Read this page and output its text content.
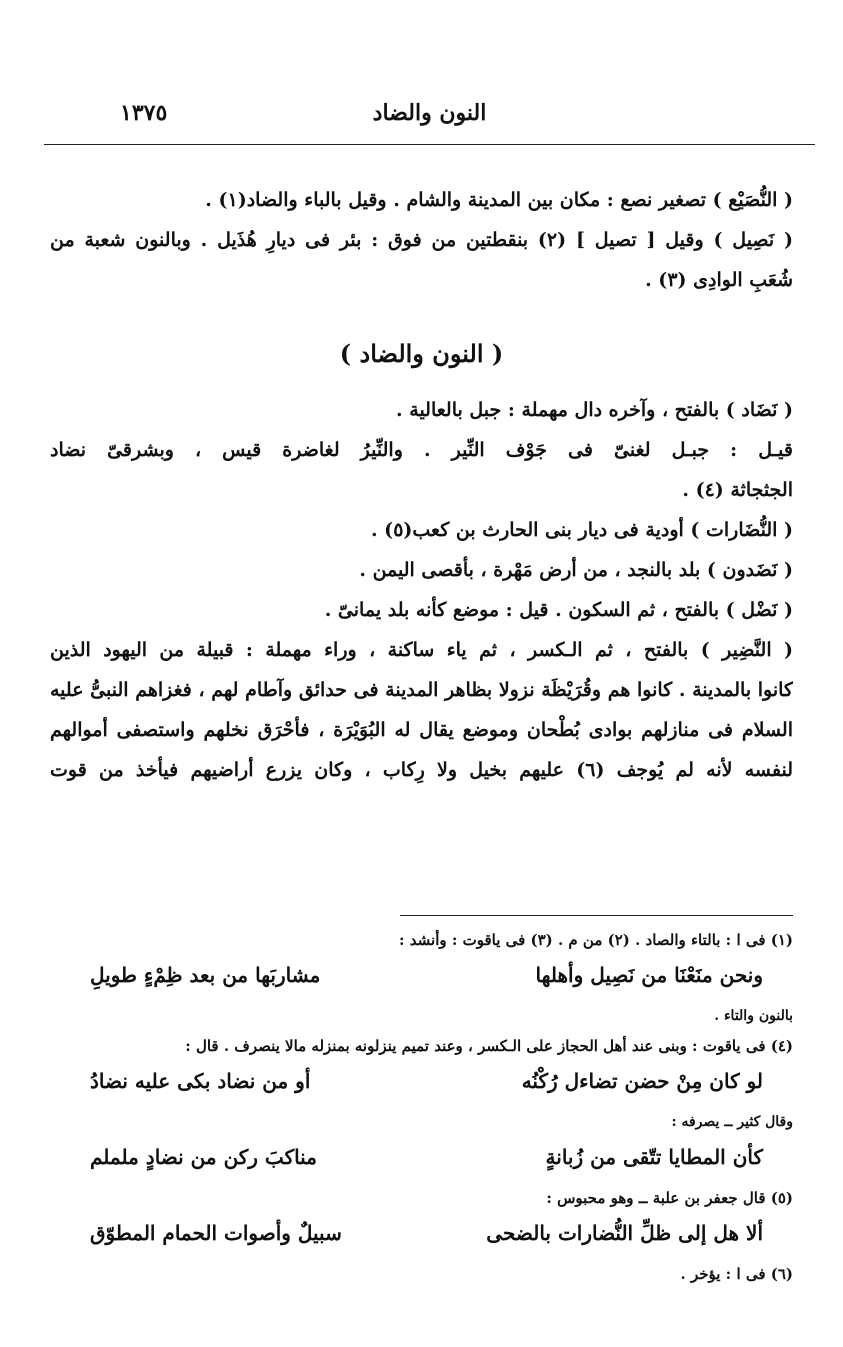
النون والضاد
١٣٧٥
( النُّصَيْع ) تصغير نصع : مكان بين المدينة والشام . وقيل بالباء والضاد(١) .
( نَصِيل ) وقيل [ تصيل ] (٢) بنقطتين من فوق : بئر فى ديارِ هُذَيل . وبالنون شعبة من
شُعَبِ الوادِى (٣) .
( النون والضاد )
( نَضَاد ) بالفتح ، وآخره دال مهملة : جبل بالعالية .
قيـل : جبـل لغنىّ فى جَوْف النِّير . والنِّيرُ لغاضرة قيس ، وبشرقىّ نضاد
الجثجاثة (٤) .
( النُّضَارات ) أودية فى ديار بنى الحارث بن كعب(٥) .
( نَضَدون ) بلد بالنجد ، من أرض مَهْرة ، بأقصى اليمن .
( نَضْل ) بالفتح ، ثم السكون . قيل : موضع كأنه بلد يمانىّ .
( النَّضِير ) بالفتح ، ثم الـكسر ، ثم ياء ساكنة ، وراء مهملة : قبيلة من اليهود الذين
كانوا بالمدينة . كانوا هم وقُرَيْظَة نزولا بظاهر المدينة فى حدائق وآطام لهم ، فغزاهم النبىُّ عليه
السلام فى منازلهم بوادى بُطْحان وموضع يقال له البُوَيْرَة ، فأحْرَق نخلهم واستصفى أموالهم
لنفسه لأنه لم يُوجف (٦) عليهم بخيل ولا رِكاب ، وكان يزرع أراضيهم فيأخذ من قوت
(١) فى ا : بالتاء والصاد . (٢) من م . (٣) فى ياقوت : وأنشد :
ونحن منَعْنَا من نَصِيل وأهلها
مشاربَها من بعد ظِمْءٍ طويلِ
بالنون والتاء .
(٤) فى ياقوت : وبنى عند أهل الحجاز على الـكسر ، وعند تميم ينزلونه بمنزله مالا ينصرف . قال :
لو كان مِنْ حضن تضاءل رُكْنُه
أو من نضاد بكى عليه نضادُ
وقال كثير ــ يصرفه :
كأن المطايا تتّقى من زُبانةٍ
مناكبَ ركن من نضادٍ ململم
(٥) قال جعفر بن علبة ــ وهو محبوس :
ألا هل إلى ظلِّ النُّضارات بالضحى
سبيلٌ وأصوات الحمام المطوّق
(٦) فى ا : يؤخر .
